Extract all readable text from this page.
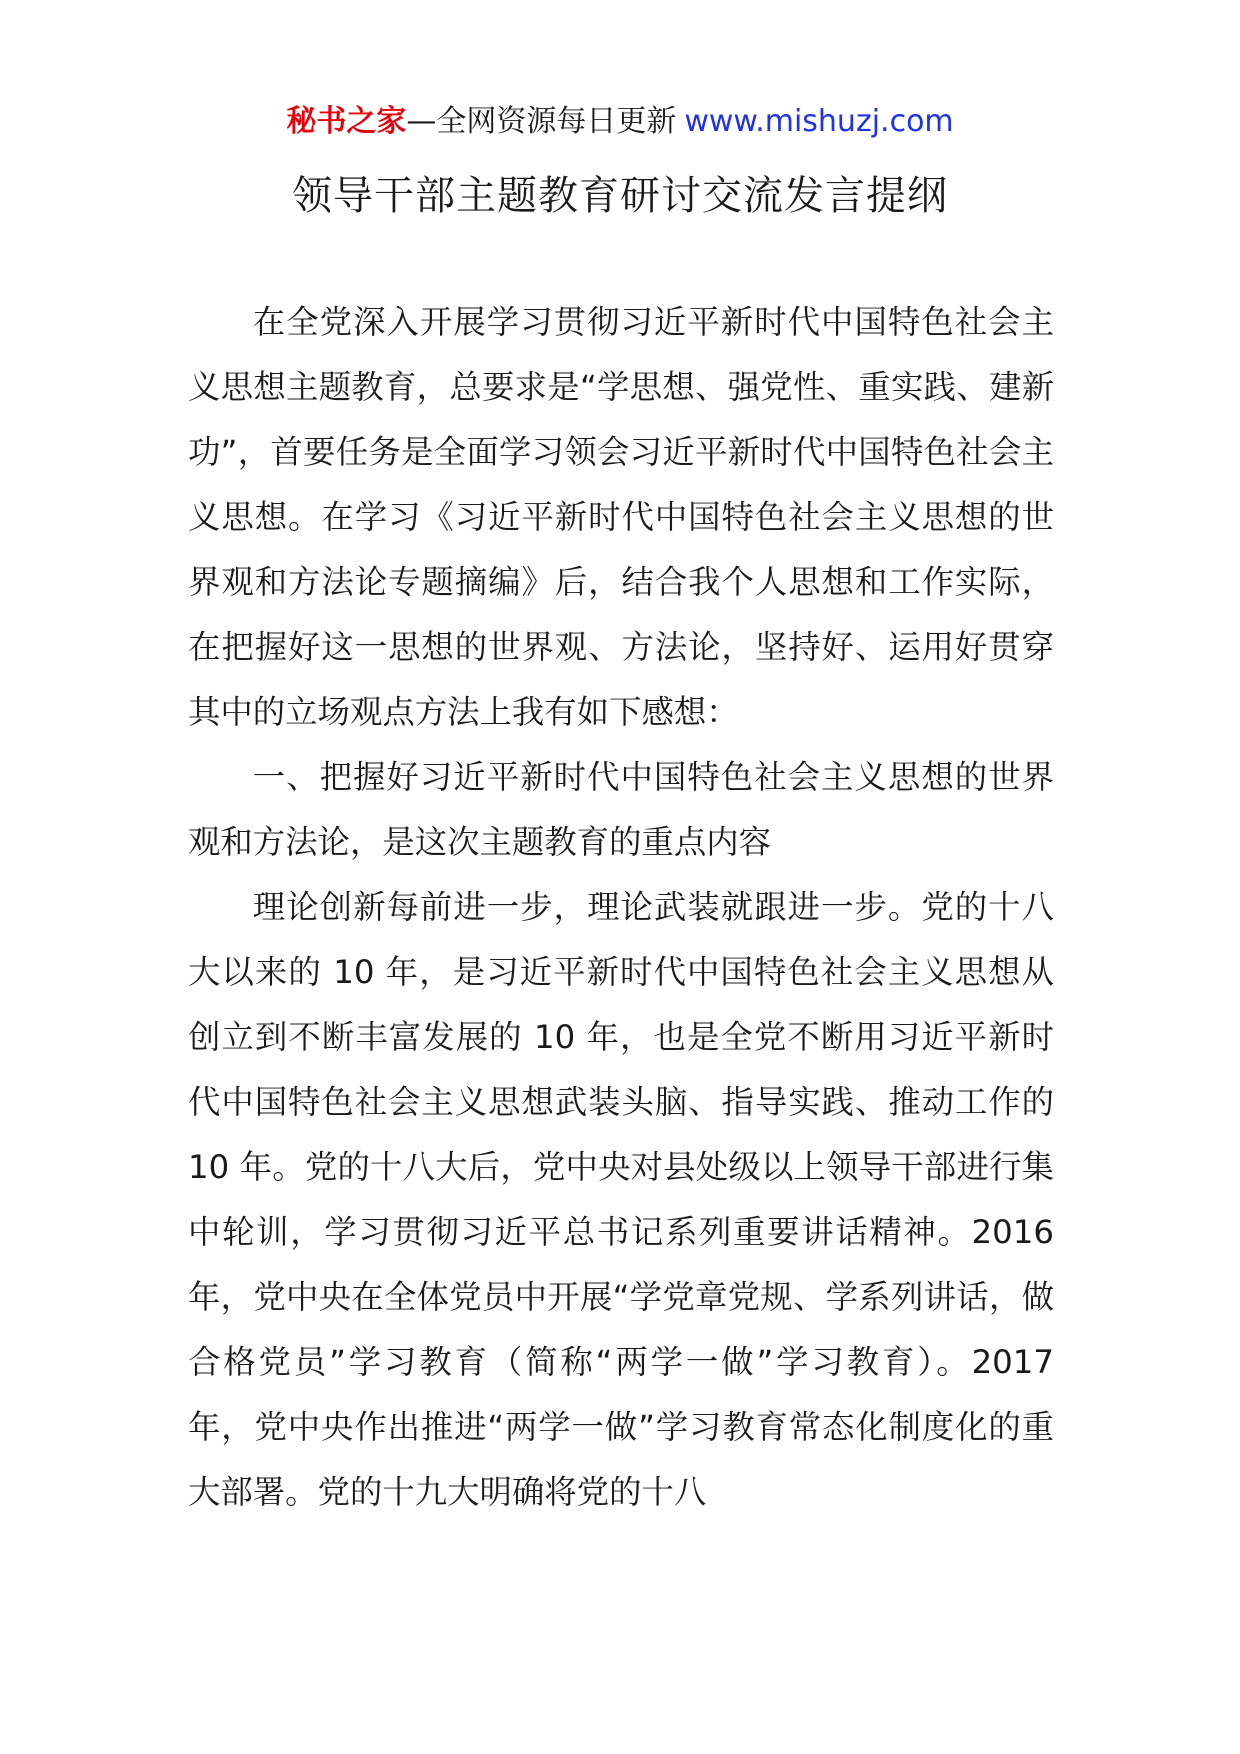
秘书之家—全网资源每日更新 www.mishuzj.com
领导干部主题教育研讨交流发言提纲

在全党深入开展学习贯彻习近平新时代中国特色社会主义思想主题教育，总要求是“学思想、强党性、重实践、建新功”，首要任务是全面学习领会习近平新时代中国特色社会主义思想。在学习《习近平新时代中国特色社会主义思想的世界观和方法论专题摘编》后，结合我个人思想和工作实际，在把握好这一思想的世界观、方法论，坚持好、运用好贯穿其中的立场观点方法上我有如下感想：

一、把握好习近平新时代中国特色社会主义思想的世界观和方法论，是这次主题教育的重点内容

理论创新每前进一步，理论武装就跟进一步。党的十八大以来的 10 年，是习近平新时代中国特色社会主义思想从创立到不断丰富发展的 10 年，也是全党不断用习近平新时代中国特色社会主义思想武装头脑、指导实践、推动工作的 10 年。党的十八大后，党中央对县处级以上领导干部进行集中轮训，学习贯彻习近平总书记系列重要讲话精神。2016 年，党中央在全体党员中开展“学党章党规、学系列讲话，做合格党员”学习教育（简称“两学一做”学习教育）。2017 年，党中央作出推进“两学一做”学习教育常态化制度化的重大部署。党的十九大明确将党的十八
